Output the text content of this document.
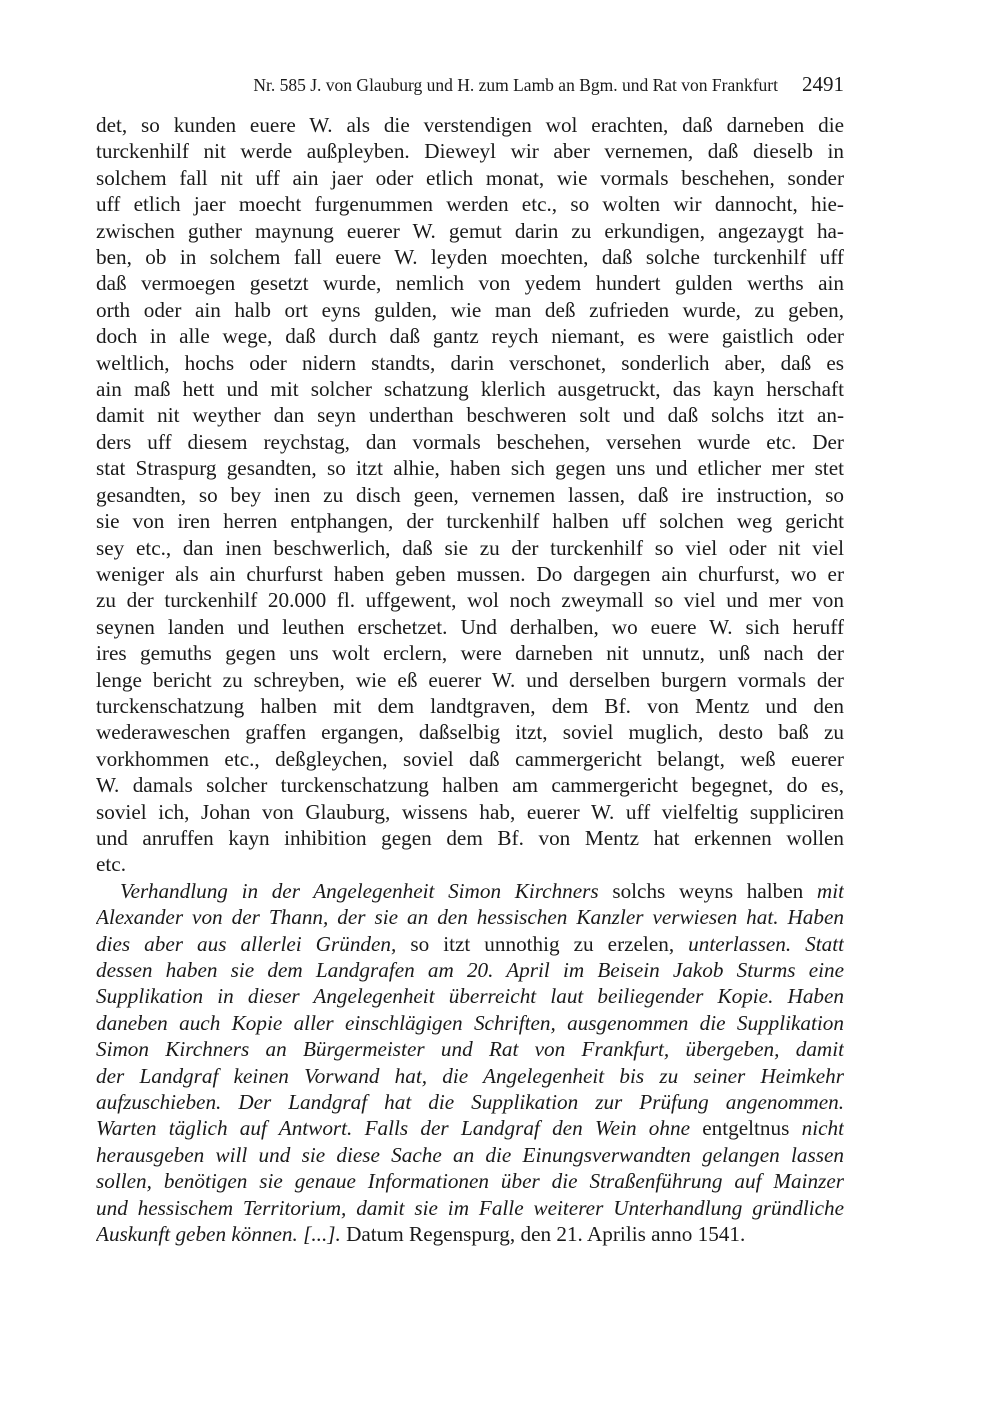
Nr. 585 J. von Glauburg und H. zum Lamb an Bgm. und Rat von Frankfurt 2491

det, so kunden euere W. als die verstendigen wol erachten, daß darneben die
turckenhilf nit werde außpleyben. Dieweyl wir aber vernemen, daß dieselb in
solchem fall nit uff ain jaer oder etlich monat, wie vormals beschehen, sonder
uff etlich jaer moecht furgenummen werden etc., so wolten wir dannocht, hie-
zwischen guther maynung euerer W. gemut darin zu erkundigen, angezaygt ha-
ben, ob in solchem fall euere W. leyden moechten, daß solche turckenhilf uff
daß vermoegen gesetzt wurde, nemlich von yedem hundert gulden werths ain
orth oder ain halb ort eyns gulden, wie man deß zufrieden wurde, zu geben,
doch in alle wege, daß durch daß gantz reych niemant, es were gaistlich oder
weltlich, hochs oder nidern standts, darin verschonet, sonderlich aber, daß es
ain maß hett und mit solcher schatzung klerlich ausgetruckt, das kayn herschaft
damit nit weyther dan seyn underthan beschweren solt und daß solchs itzt an-
ders uff diesem reychstag, dan vormals beschehen, versehen wurde etc. Der
stat Straspurg gesandten, so itzt alhie, haben sich gegen uns und etlicher mer stet
gesandten, so bey inen zu disch geen, vernemen lassen, daß ire instruction, so
sie von iren herren entphangen, der turckenhilf halben uff solchen weg gericht
sey etc., dan inen beschwerlich, daß sie zu der turckenhilf so viel oder nit viel
weniger als ain churfurst haben geben mussen. Do dargegen ain churfurst, wo er
zu der turckenhilf 20.000 fl. uffgewent, wol noch zweymall so viel und mer von
seynen landen und leuthen erschetzet. Und derhalben, wo euere W. sich heruff
ires gemuths gegen uns wolt erclern, were darneben nit unnutz, unß nach der
lenge bericht zu schreyben, wie eß euerer W. und derselben burgern vormals der
turckenschatzung halben mit dem landtgraven, dem Bf. von Mentz und den
wederaweschen graffen ergangen, daßselbig itzt, soviel muglich, desto baß zu
vorkhommen etc., deßgleychen, soviel daß cammergericht belangt, weß euerer
W. damals solcher turckenschatzung halben am cammergericht begegnet, do es,
soviel ich, Johan von Glauburg, wissens hab, euerer W. uff vielfeltig suppliciren
und anruffen kayn inhibition gegen dem Bf. von Mentz hat erkennen wollen
etc.

Verhandlung in der Angelegenheit Simon Kirchners solchs weyns halben mit
Alexander von der Thann, der sie an den hessischen Kanzler verwiesen hat. Haben
dies aber aus allerlei Gründen, so itzt unnothig zu erzelen, unterlassen. Statt
dessen haben sie dem Landgrafen am 20. April im Beisein Jakob Sturms eine
Supplikation in dieser Angelegenheit überreicht laut beiliegender Kopie. Haben
daneben auch Kopie aller einschlägigen Schriften, ausgenommen die Supplikation
Simon Kirchners an Bürgermeister und Rat von Frankfurt, übergeben, damit
der Landgraf keinen Vorwand hat, die Angelegenheit bis zu seiner Heimkehr
aufzuschieben. Der Landgraf hat die Supplikation zur Prüfung angenommen.
Warten täglich auf Antwort. Falls der Landgraf den Wein ohne entgeltnus nicht
herausgeben will und sie diese Sache an die Einungsverwandten gelangen lassen
sollen, benötigen sie genaue Informationen über die Straßenführung auf Mainzer
und hessischem Territorium, damit sie im Falle weiterer Unterhandlung gründliche
Auskunft geben können. [...]. Datum Regenspurg, den 21. Aprilis anno 1541.
